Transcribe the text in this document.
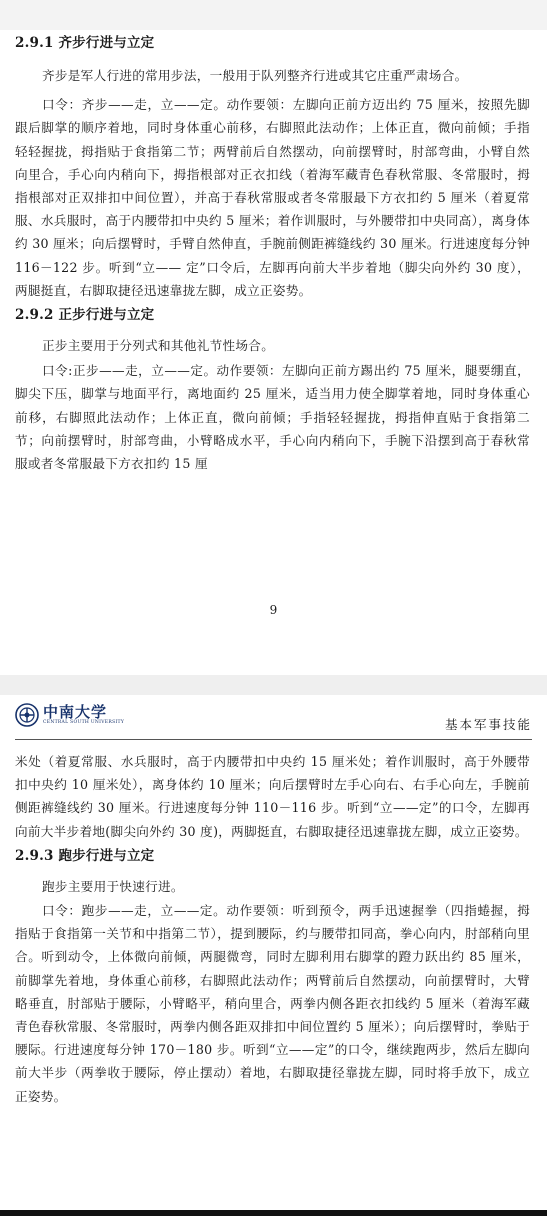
2.9.1 齐步行进与立定

齐步是军人行进的常用步法，一般用于队列整齐行进或其它庄重严肃场合。

口令：齐步——走，立——定。动作要领：左脚向正前方迈出约 75 厘米，按照先脚跟后脚掌的顺序着地，同时身体重心前移，右脚照此法动作；上体正直，微向前倾；手指轻轻握拢，拇指贴于食指第二节；两臂前后自然摆动，向前摆臂时，肘部弯曲，小臂自然向里合，手心向内稍向下，拇指根部对正衣扣线（着海军藏青色春秋常服、冬常服时，拇指根部对正双排扣中间位置），并高于春秋常服或者冬常服最下方衣扣约 5 厘米（着夏常服、水兵服时，高于内腰带扣中央约 5 厘米；着作训服时，与外腰带扣中央同高），离身体约 30 厘米；向后摆臂时，手臂自然伸直，手腕前侧距裤缝线约 30 厘米。行进速度每分钟 116－122 步。听到“立—— 定”口令后，左脚再向前大半步着地（脚尖向外约 30 度），两腿挺直，右脚取捷径迅速靠拢左脚，成立正姿势。

2.9.2 正步行进与立定

正步主要用于分列式和其他礼节性场合。

口令:正步——走，立——定。动作要领：左脚向正前方踢出约 75 厘米，腿要绷直，脚尖下压，脚掌与地面平行，离地面约 25 厘米，适当用力使全脚掌着地，同时身体重心前移，右脚照此法动作；上体正直，微向前倾；手指轻轻握拢，拇指伸直贴于食指第二节；向前摆臂时，肘部弯曲，小臂略成水平，手心向内稍向下，手腕下沿摆到高于春秋常服或者冬常服最下方衣扣约 15 厘

9
中南大学
CENTRAL SOUTH UNIVERSITY	基本军事技能

米处（着夏常服、水兵服时，高于内腰带扣中央约 15 厘米处；着作训服时，高于外腰带扣中央约 10 厘米处），离身体约 10 厘米；向后摆臂时左手心向右、右手心向左，手腕前侧距裤缝线约 30 厘米。行进速度每分钟 110－116 步。听到“立——定”的口令，左脚再向前大半步着地(脚尖向外约 30 度)，两脚挺直，右脚取捷径迅速靠拢左脚，成立正姿势。

2.9.3 跑步行进与立定

跑步主要用于快速行进。

口令：跑步——走，立——定。动作要领：听到预令，两手迅速握拳（四指蜷握，拇指贴于食指第一关节和中指第二节），提到腰际，约与腰带扣同高，拳心向内，肘部稍向里合。听到动令，上体微向前倾，两腿微弯，同时左脚利用右脚掌的蹬力跃出约 85 厘米，前脚掌先着地，身体重心前移，右脚照此法动作；两臂前后自然摆动，向前摆臂时，大臂略垂直，肘部贴于腰际，小臂略平，稍向里合，两拳内侧各距衣扣线约 5 厘米（着海军藏青色春秋常服、冬常服时，两拳内侧各距双排扣中间位置约 5 厘米）；向后摆臂时，拳贴于腰际。行进速度每分钟 170－180 步。听到“立——定”的口令，继续跑两步，然后左脚向前大半步（两拳收于腰际，停止摆动）着地，右脚取捷径靠拢左脚，同时将手放下，成立正姿势。
